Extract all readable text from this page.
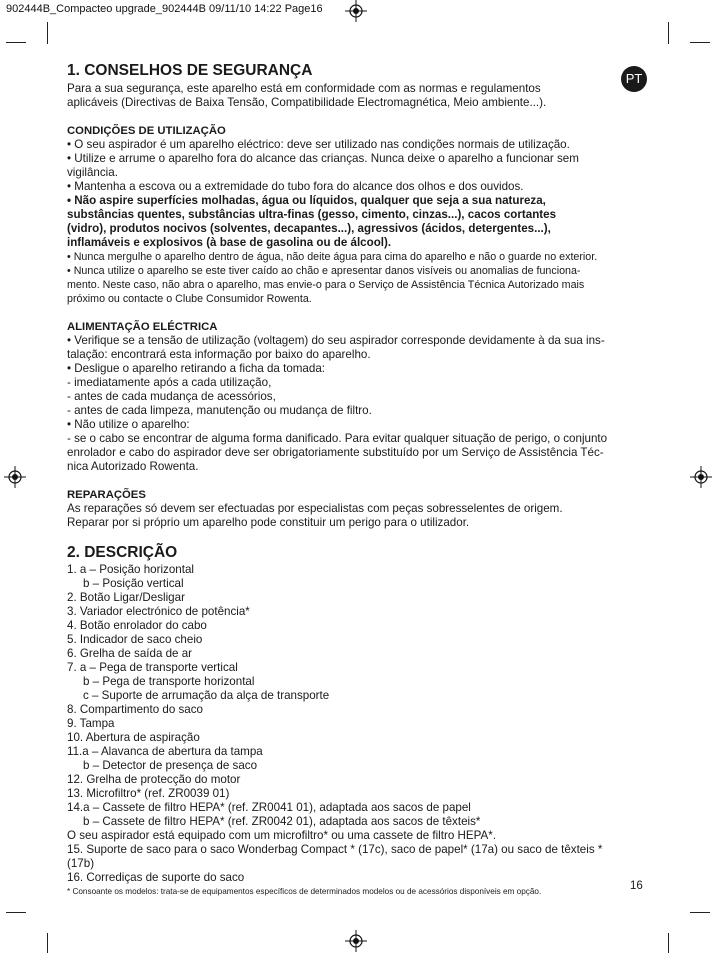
902444B_Compacteo upgrade_902444B 09/11/10 14:22 Page16
PT
1. CONSELHOS DE SEGURANÇA
Para a sua segurança, este aparelho está em conformidade com as normas e regulamentos
aplicáveis (Directivas de Baixa Tensão, Compatibilidade Electromagnética, Meio ambiente...).
CONDIÇÕES DE UTILIZAÇÃO
• O seu aspirador é um aparelho eléctrico: deve ser utilizado nas condições normais de utilização.
• Utilize e arrume o aparelho fora do alcance das crianças. Nunca deixe o aparelho a funcionar sem
vigilância.
• Mantenha a escova ou a extremidade do tubo fora do alcance dos olhos e dos ouvidos.
• Não aspire superfícies molhadas, água ou líquidos, qualquer que seja a sua natureza,
substâncias quentes, substâncias ultra-finas (gesso, cimento, cinzas...), cacos cortantes
(vidro), produtos nocivos (solventes, decapantes...), agressivos (ácidos, detergentes...),
inflamáveis e explosivos (à base de gasolina ou de álcool).
• Nunca mergulhe o aparelho dentro de água, não deite água para cima do aparelho e não o guarde no exterior.
• Nunca utilize o aparelho se este tiver caído ao chão e apresentar danos visíveis ou anomalias de funciona-
mento. Neste caso, não abra o aparelho, mas envie-o para o Serviço de Assistência Técnica Autorizado mais
próximo ou contacte o Clube Consumidor Rowenta.
ALIMENTAÇÃO ELÉCTRICA
• Verifique se a tensão de utilização (voltagem) do seu aspirador corresponde devidamente à da sua ins-
talação: encontrará esta informação por baixo do aparelho.
• Desligue o aparelho retirando a ficha da tomada:
- imediatamente após a cada utilização,
- antes de cada mudança de acessórios,
- antes de cada limpeza, manutenção ou mudança de filtro.
• Não utilize o aparelho:
- se o cabo se encontrar de alguma forma danificado. Para evitar qualquer situação de perigo, o conjunto
enrolador e cabo do aspirador deve ser obrigatoriamente substituído por um Serviço de Assistência Téc-
nica Autorizado Rowenta.
REPARAÇÕES
As reparações só devem ser efectuadas por especialistas com peças sobresselentes de origem.
Reparar por si próprio um aparelho pode constituir um perigo para o utilizador.
2. DESCRIÇÃO
1. a – Posição horizontal
b – Posição vertical
2. Botão Ligar/Desligar
3. Variador electrónico de potência*
4. Botão enrolador do cabo
5. Indicador de saco cheio
6. Grelha de saída de ar
7. a – Pega de transporte vertical
b – Pega de transporte horizontal
c – Suporte de arrumação da alça de transporte
8. Compartimento do saco
9. Tampa
10. Abertura de aspiração
11.a – Alavanca de abertura da tampa
b – Detector de presença de saco
12. Grelha de protecção do motor
13. Microfiltro* (ref. ZR0039 01)
14.a – Cassete de filtro HEPA* (ref. ZR0041 01), adaptada aos sacos de papel
b – Cassete de filtro HEPA* (ref. ZR0042 01), adaptada aos sacos de têxteis*
O seu aspirador está equipado com um microfiltro* ou uma cassete de filtro HEPA*.
15. Suporte de saco para o saco Wonderbag Compact * (17c), saco de papel* (17a) ou saco de têxteis *
(17b)
16. Corrediças de suporte do saco
* Consoante os modelos: trata-se de equipamentos específicos de determinados modelos ou de acessórios disponíveis em opção.	16
